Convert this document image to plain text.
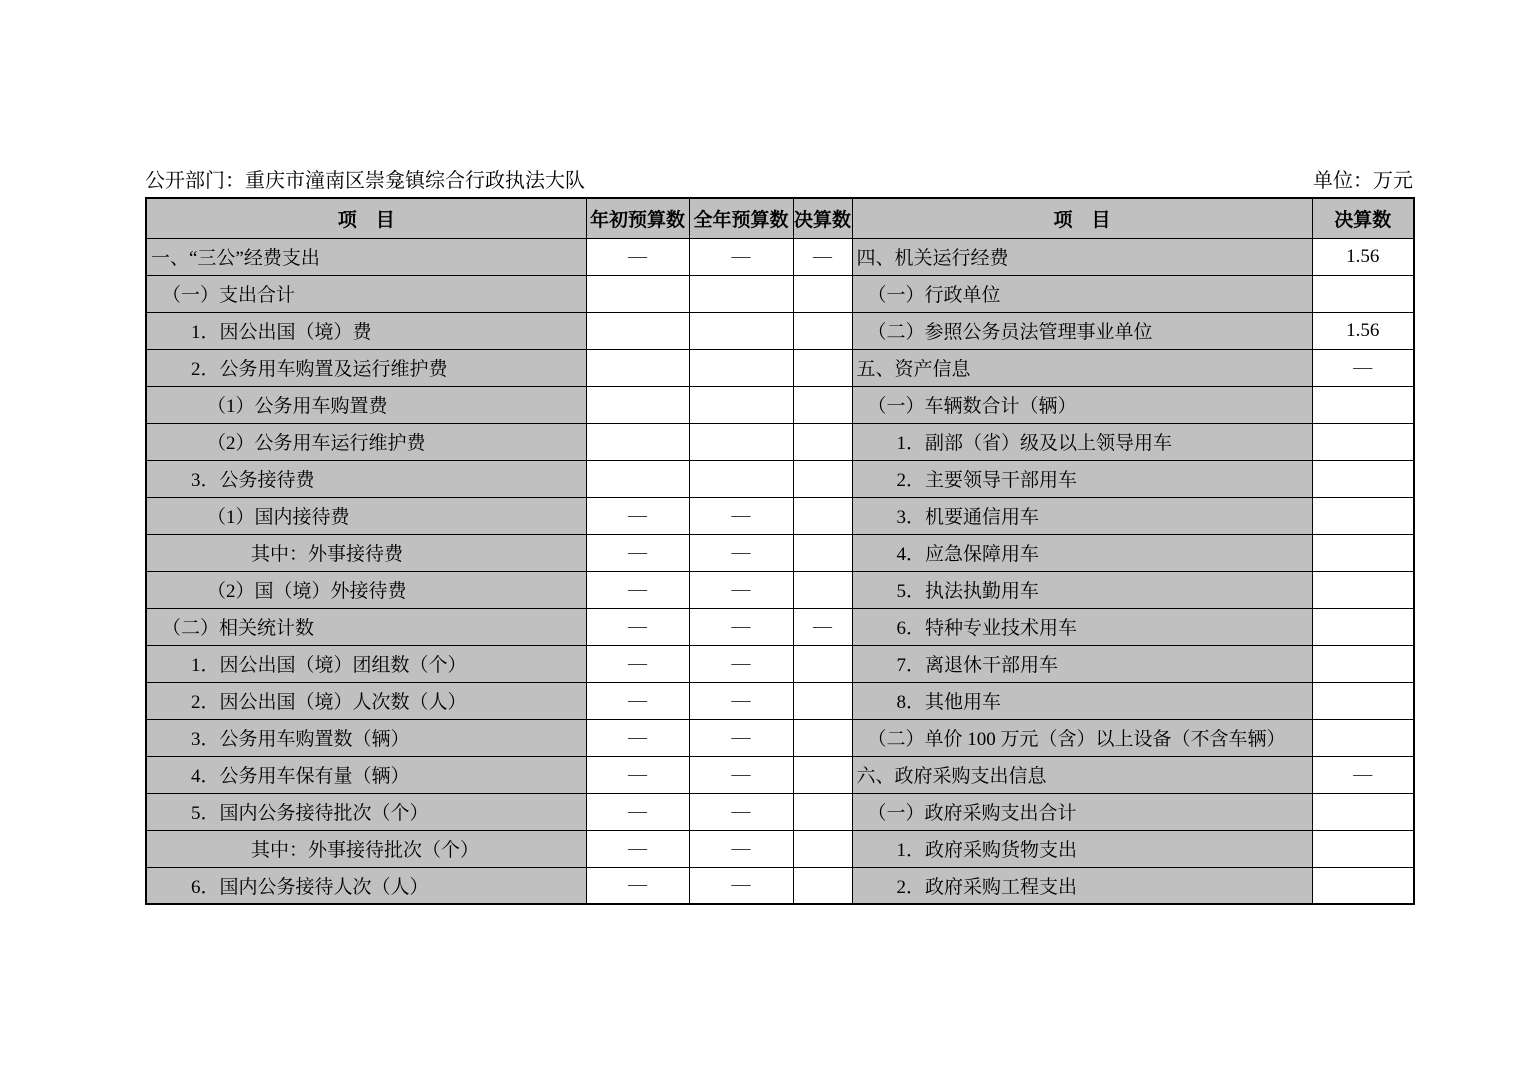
公开部门：重庆市潼南区崇龛镇综合行政执法大队	单位：万元
项　目	年初预算数	全年预算数	决算数	项　目	决算数
一、“三公”经费支出	—	—	—	四、机关运行经费	1.56
（一）支出合计				（一）行政单位	
1．因公出国（境）费				（二）参照公务员法管理事业单位	1.56
2．公务用车购置及运行维护费				五、资产信息	—
（1）公务用车购置费				（一）车辆数合计（辆）	
（2）公务用车运行维护费				1．副部（省）级及以上领导用车	
3．公务接待费				2．主要领导干部用车	
（1）国内接待费	—	—		3．机要通信用车	
其中：外事接待费	—	—		4．应急保障用车	
（2）国（境）外接待费	—	—		5．执法执勤用车	
（二）相关统计数	—	—	—	6．特种专业技术用车	
1．因公出国（境）团组数（个）	—	—		7．离退休干部用车	
2．因公出国（境）人次数（人）	—	—		8．其他用车	
3．公务用车购置数（辆）	—	—		（二）单价 100 万元（含）以上设备（不含车辆）	
4．公务用车保有量（辆）	—	—		六、政府采购支出信息	—
5．国内公务接待批次（个）	—	—		（一）政府采购支出合计	
其中：外事接待批次（个）	—	—		1．政府采购货物支出	
6．国内公务接待人次（人）	—	—		2．政府采购工程支出	
